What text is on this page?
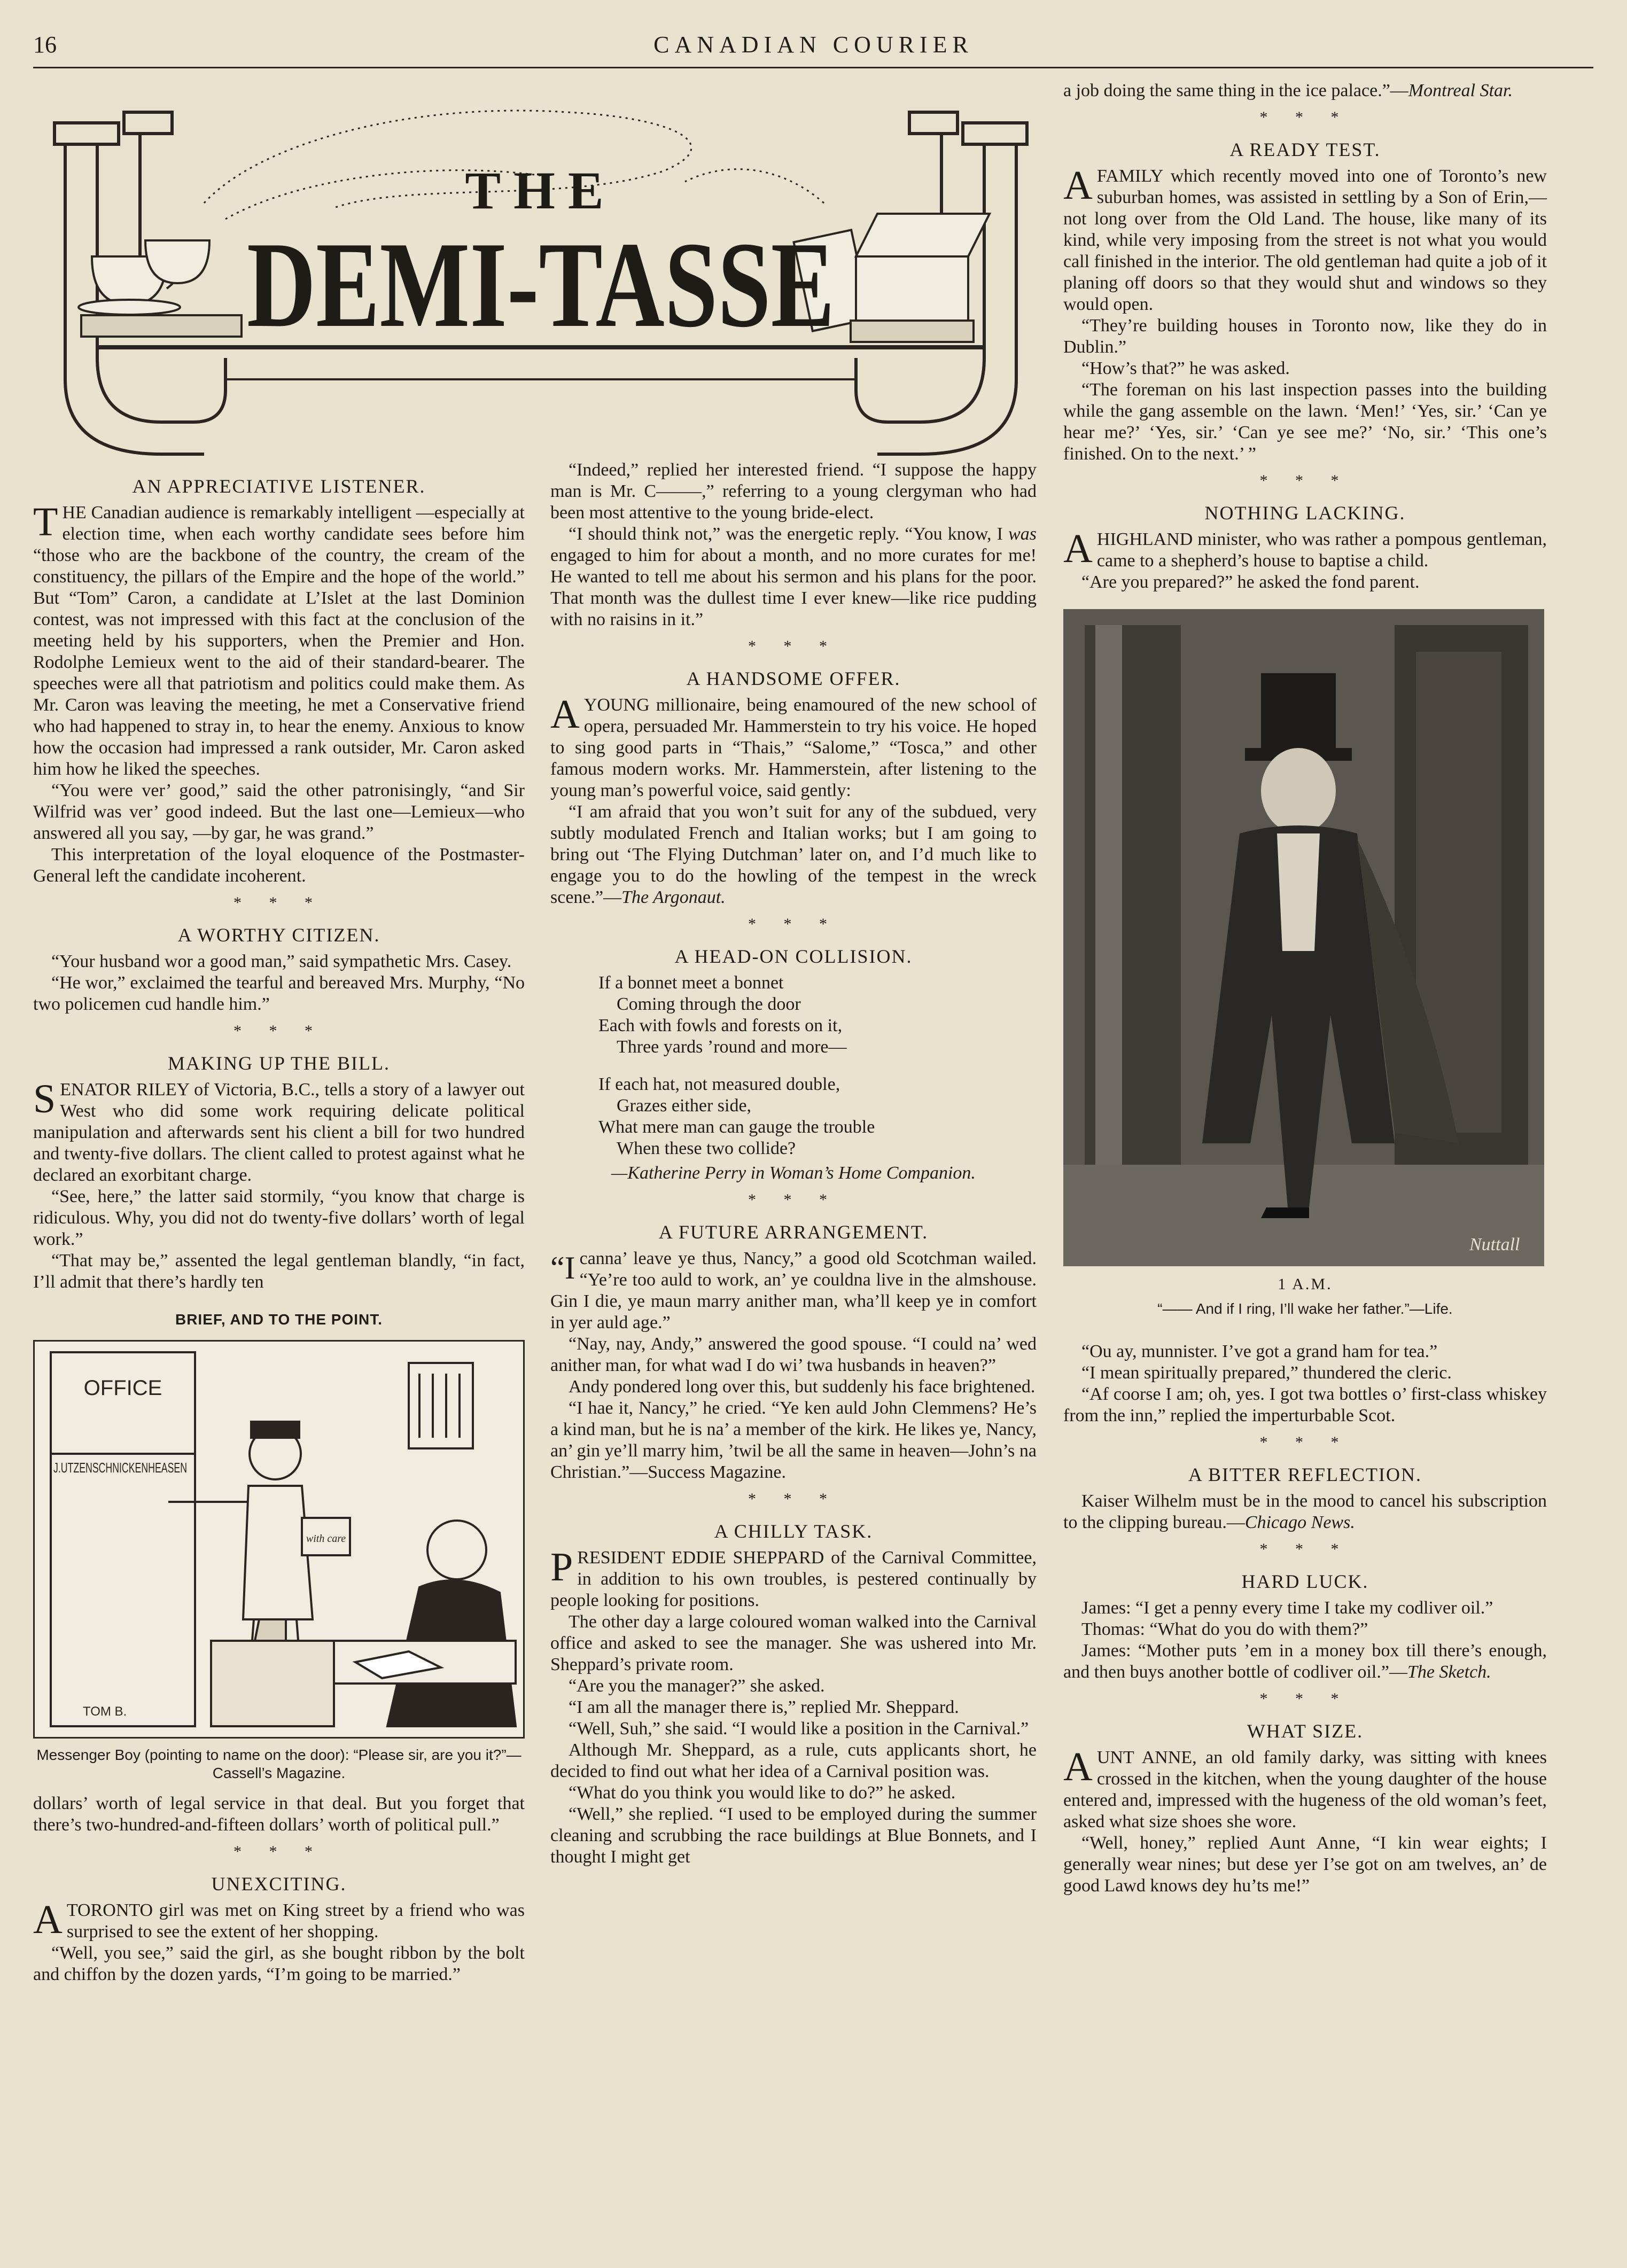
16	CANADIAN COURIER
THE
DEMI-TASSE
AN APPRECIATIVE LISTENER.

THE Canadian audience is remarkably intelligent —especially at election time, when each worthy candidate sees before him “those who are the backbone of the country, the cream of the constituency, the pillars of the Empire and the hope of the world.” But “Tom” Caron, a candidate at L’Islet at the last Dominion contest, was not impressed with this fact at the conclusion of the meeting held by his supporters, when the Premier and Hon. Rodolphe Lemieux went to the aid of their standard-bearer. The speeches were all that patriotism and politics could make them. As Mr. Caron was leaving the meeting, he met a Conservative friend who had happened to stray in, to hear the enemy. Anxious to know how the occasion had impressed a rank outsider, Mr. Caron asked him how he liked the speeches.

“You were ver’ good,” said the other patronisingly, “and Sir Wilfrid was ver’ good indeed. But the last one—Lemieux—who answered all you say, —by gar, he was grand.”

This interpretation of the loyal eloquence of the Postmaster-General left the candidate incoherent.

* * *
A WORTHY CITIZEN.

“Your husband wor a good man,” said sympathetic Mrs. Casey.

“He wor,” exclaimed the tearful and bereaved Mrs. Murphy, “No two policemen cud handle him.”

* * *
MAKING UP THE BILL.

SENATOR RILEY of Victoria, B.C., tells a story of a lawyer out West who did some work requiring delicate political manipulation and afterwards sent his client a bill for two hundred and twenty-five dollars. The client called to protest against what he declared an exorbitant charge.

“See, here,” the latter said stormily, “you know that charge is ridiculous. Why, you did not do twenty-five dollars’ worth of legal work.”

“That may be,” assented the legal gentleman blandly, “in fact, I’ll admit that there’s hardly ten

BRIEF, AND TO THE POINT.
OFFICE
J.UTZENSCHNICKENHEASEN
with care
TOM B.
Messenger Boy (pointing to name on the door): “Please sir, are you it?”—Cassell’s Magazine.

dollars’ worth of legal service in that deal. But you forget that there’s two-hundred-and-fifteen dollars’ worth of political pull.”

* * *
UNEXCITING.

ATORONTO girl was met on King street by a friend who was surprised to see the extent of her shopping.

“Well, you see,” said the girl, as she bought ribbon by the bolt and chiffon by the dozen yards, “I’m going to be married.”

“Indeed,” replied her interested friend. “I suppose the happy man is Mr. C——–,” referring to a young clergyman who had been most attentive to the young bride-elect.

“I should think not,” was the energetic reply. “You know, I was engaged to him for about a month, and no more curates for me! He wanted to tell me about his sermon and his plans for the poor. That month was the dullest time I ever knew—like rice pudding with no raisins in it.”

* * *
A HANDSOME OFFER.

AYOUNG millionaire, being enamoured of the new school of opera, persuaded Mr. Hammerstein to try his voice. He hoped to sing good parts in “Thais,” “Salome,” “Tosca,” and other famous modern works. Mr. Hammerstein, after listening to the young man’s powerful voice, said gently:

“I am afraid that you won’t suit for any of the subdued, very subtly modulated French and Italian works; but I am going to bring out ‘The Flying Dutchman’ later on, and I’d much like to engage you to do the howling of the tempest in the wreck scene.”—The Argonaut.

* * *
A HEAD-ON COLLISION.
If a bonnet meet a bonnet
Coming through the door
Each with fowls and forests on it,
Three yards ’round and more—
If each hat, not measured double,
Grazes either side,
What mere man can gauge the trouble
When these two collide?
—Katherine Perry in Woman’s Home Companion.
* * *
A FUTURE ARRANGEMENT.

“Icanna’ leave ye thus, Nancy,” a good old Scotchman wailed. “Ye’re too auld to work, an’ ye couldna live in the almshouse. Gin I die, ye maun marry anither man, wha’ll keep ye in comfort in yer auld age.”

“Nay, nay, Andy,” answered the good spouse. “I could na’ wed anither man, for what wad I do wi’ twa husbands in heaven?”

Andy pondered long over this, but suddenly his face brightened.

“I hae it, Nancy,” he cried. “Ye ken auld John Clemmens? He’s a kind man, but he is na’ a member of the kirk. He likes ye, Nancy, an’ gin ye’ll marry him, ’twil be all the same in heaven—John’s na Christian.”—Success Magazine.

* * *
A CHILLY TASK.

PRESIDENT EDDIE SHEPPARD of the Carnival Committee, in addition to his own troubles, is pestered continually by people looking for positions.

The other day a large coloured woman walked into the Carnival office and asked to see the manager. She was ushered into Mr. Sheppard’s private room.

“Are you the manager?” she asked.

“I am all the manager there is,” replied Mr. Sheppard.

“Well, Suh,” she said. “I would like a position in the Carnival.”

Although Mr. Sheppard, as a rule, cuts applicants short, he decided to find out what her idea of a Carnival position was.

“What do you think you would like to do?” he asked.

“Well,” she replied. “I used to be employed during the summer cleaning and scrubbing the race buildings at Blue Bonnets, and I thought I might get

a job doing the same thing in the ice palace.”—Montreal Star.

* * *
A READY TEST.

AFAMILY which recently moved into one of Toronto’s new suburban homes, was assisted in settling by a Son of Erin,—not long over from the Old Land. The house, like many of its kind, while very imposing from the street is not what you would call finished in the interior. The old gentleman had quite a job of it planing off doors so that they would shut and windows so they would open.

“They’re building houses in Toronto now, like they do in Dublin.”

“How’s that?” he was asked.

“The foreman on his last inspection passes into the building while the gang assemble on the lawn. ‘Men!’ ‘Yes, sir.’ ‘Can ye hear me?’ ‘Yes, sir.’ ‘Can ye see me?’ ‘No, sir.’ ‘This one’s finished. On to the next.’ ”

* * *
NOTHING LACKING.

AHIGHLAND minister, who was rather a pompous gentleman, came to a shepherd’s house to baptise a child.

“Are you prepared?” he asked the fond parent.

Nuttall
1 A.M.
“—— And if I ring, I’ll wake her father.”—Life.

“Ou ay, munnister. I’ve got a grand ham for tea.”

“I mean spiritually prepared,” thundered the cleric.

“Af coorse I am; oh, yes. I got twa bottles o’ first-class whiskey from the inn,” replied the imperturbable Scot.

* * *
A BITTER REFLECTION.

Kaiser Wilhelm must be in the mood to cancel his subscription to the clipping bureau.—Chicago News.

* * *
HARD LUCK.

James: “I get a penny every time I take my codliver oil.”

Thomas: “What do you do with them?”

James: “Mother puts ’em in a money box till there’s enough, and then buys another bottle of codliver oil.”—The Sketch.

* * *
WHAT SIZE.

AUNT ANNE, an old family darky, was sitting with knees crossed in the kitchen, when the young daughter of the house entered and, impressed with the hugeness of the old woman’s feet, asked what size shoes she wore.

“Well, honey,” replied Aunt Anne, “I kin wear eights; I generally wear nines; but dese yer I’se got on am twelves, an’ de good Lawd knows dey hu’ts me!”
